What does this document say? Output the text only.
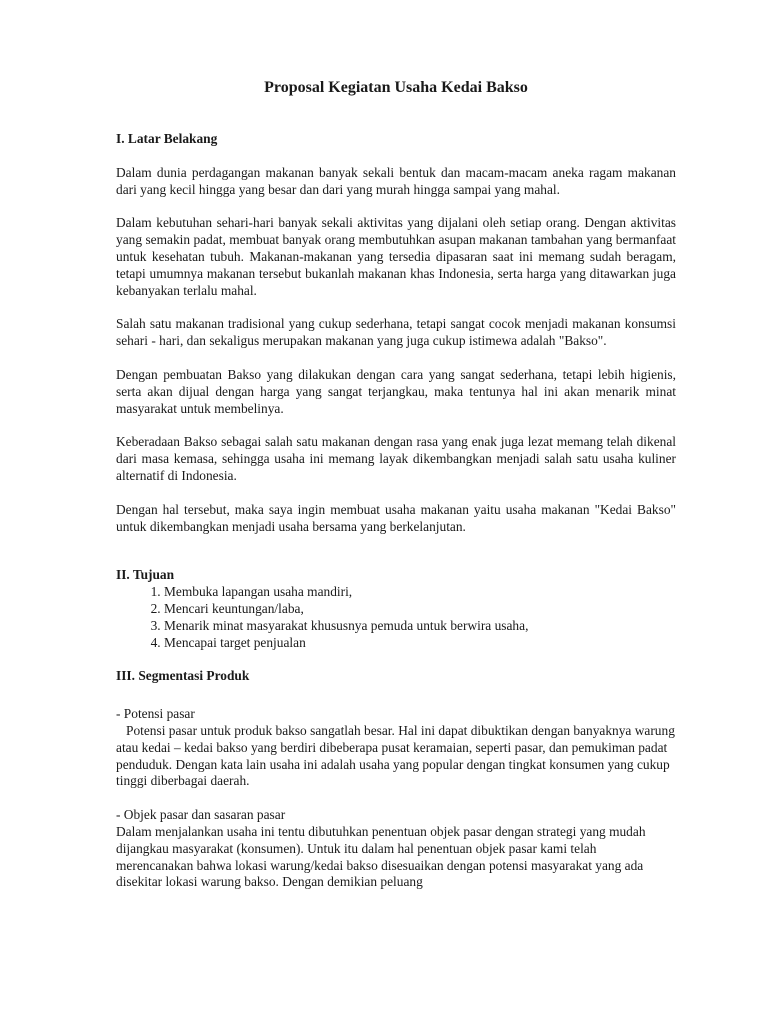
Proposal Kegiatan Usaha Kedai Bakso
I. Latar Belakang

Dalam dunia perdagangan makanan banyak sekali bentuk dan macam-macam aneka ragam makanan dari yang kecil hingga yang besar dan dari yang murah hingga sampai yang mahal.

Dalam kebutuhan sehari-hari banyak sekali aktivitas yang dijalani oleh setiap orang. Dengan aktivitas yang semakin padat, membuat banyak orang membutuhkan asupan makanan tambahan yang bermanfaat untuk kesehatan tubuh. Makanan-makanan yang tersedia dipasaran saat ini memang sudah beragam, tetapi umumnya makanan tersebut bukanlah makanan khas Indonesia, serta harga yang ditawarkan juga kebanyakan terlalu mahal.

Salah satu makanan tradisional yang cukup sederhana, tetapi sangat cocok menjadi makanan konsumsi sehari - hari, dan sekaligus merupakan makanan yang juga cukup istimewa adalah "Bakso".

Dengan pembuatan Bakso yang dilakukan dengan cara yang sangat sederhana, tetapi lebih higienis, serta akan dijual dengan harga yang sangat terjangkau, maka tentunya hal ini akan menarik minat masyarakat untuk membelinya.

Keberadaan Bakso sebagai salah satu makanan dengan rasa yang enak juga lezat memang telah dikenal dari masa kemasa, sehingga usaha ini memang layak dikembangkan menjadi salah satu usaha kuliner alternatif di Indonesia.

Dengan hal tersebut, maka saya ingin membuat usaha makanan yaitu usaha makanan "Kedai Bakso" untuk dikembangkan menjadi usaha bersama yang berkelanjutan.

II. Tujuan
1. Membuka lapangan usaha mandiri,
2. Mencari keuntungan/laba,
3. Menarik minat masyarakat khususnya pemuda untuk berwira usaha,
4. Mencapai target penjualan
III. Segmentasi Produk

- Potensi pasar

Potensi pasar untuk produk bakso sangatlah besar. Hal ini dapat dibuktikan dengan banyaknya warung atau kedai – kedai bakso yang berdiri dibeberapa pusat keramaian, seperti pasar, dan pemukiman padat penduduk. Dengan kata lain usaha ini adalah usaha yang popular dengan tingkat konsumen yang cukup tinggi diberbagai daerah.

- Objek pasar dan sasaran pasar

Dalam menjalankan usaha ini tentu dibutuhkan penentuan objek pasar dengan strategi yang mudah dijangkau masyarakat (konsumen). Untuk itu dalam hal penentuan objek pasar kami telah merencanakan bahwa lokasi warung/kedai bakso disesuaikan dengan potensi masyarakat yang ada disekitar lokasi warung bakso. Dengan demikian peluang
